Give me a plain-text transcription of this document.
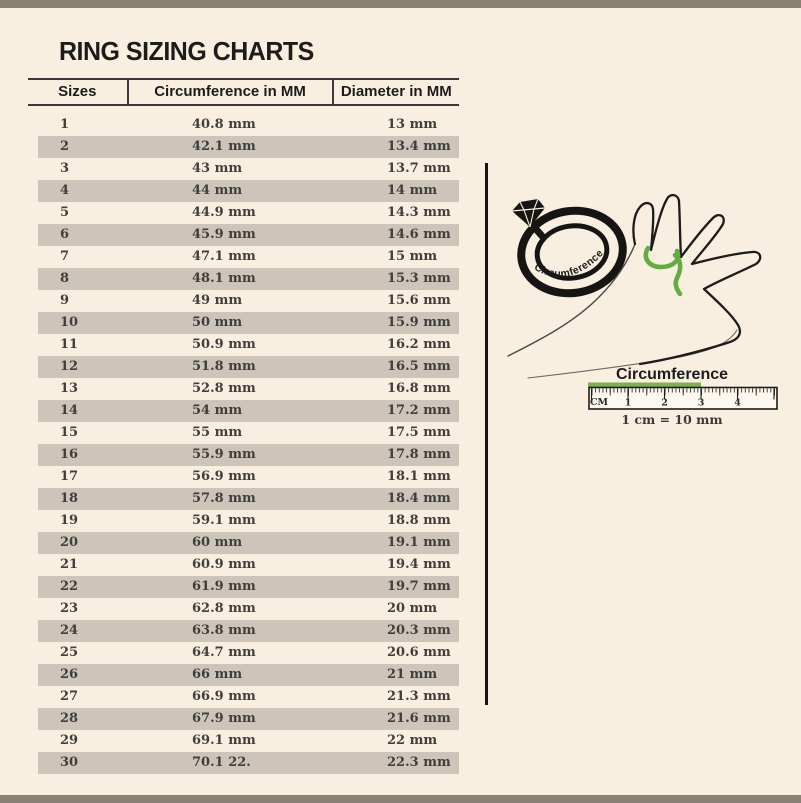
RING SIZING CHARTS
Sizes	Circumference in MM	Diameter in MM
1	40.8 mm	13 mm
2	42.1 mm	13.4 mm
3	43 mm	13.7 mm
4	44 mm	14 mm
5	44.9 mm	14.3 mm
6	45.9 mm	14.6 mm
7	47.1 mm	15 mm
8	48.1 mm	15.3 mm
9	49 mm	15.6 mm
10	50 mm	15.9 mm
11	50.9 mm	16.2 mm
12	51.8 mm	16.5 mm
13	52.8 mm	16.8 mm
14	54 mm	17.2 mm
15	55 mm	17.5 mm
16	55.9 mm	17.8 mm
17	56.9 mm	18.1 mm
18	57.8 mm	18.4 mm
19	59.1 mm	18.8 mm
20	60 mm	19.1 mm
21	60.9 mm	19.4 mm
22	61.9 mm	19.7 mm
23	62.8 mm	20 mm
24	63.8 mm	20.3 mm
25	64.7 mm	20.6 mm
26	66 mm	21 mm
27	66.9 mm	21.3 mm
28	67.9 mm	21.6 mm
29	69.1 mm	22 mm
30	70.1 22.	22.3 mm
Circumference
Circumference
CM 1	2	3	4
1 cm = 10 mm
